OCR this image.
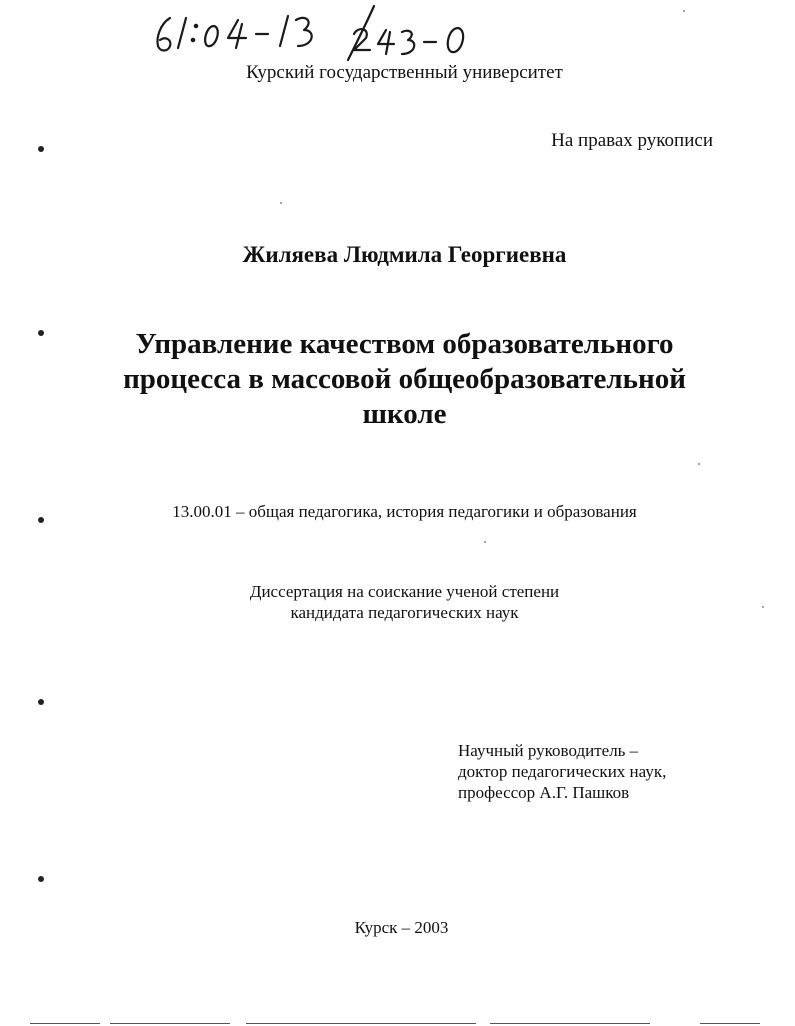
Курский государственный университет
На правах рукописи
Жиляева Людмила Георгиевна
Управление качеством образовательного
процесса в массовой общеобразовательной
школе
13.00.01 – общая педагогика, история педагогики и образования
Диссертация на соискание ученой степени
кандидата педагогических наук
Научный руководитель –
доктор педагогических наук,
профессор А.Г. Пашков
Курск – 2003
